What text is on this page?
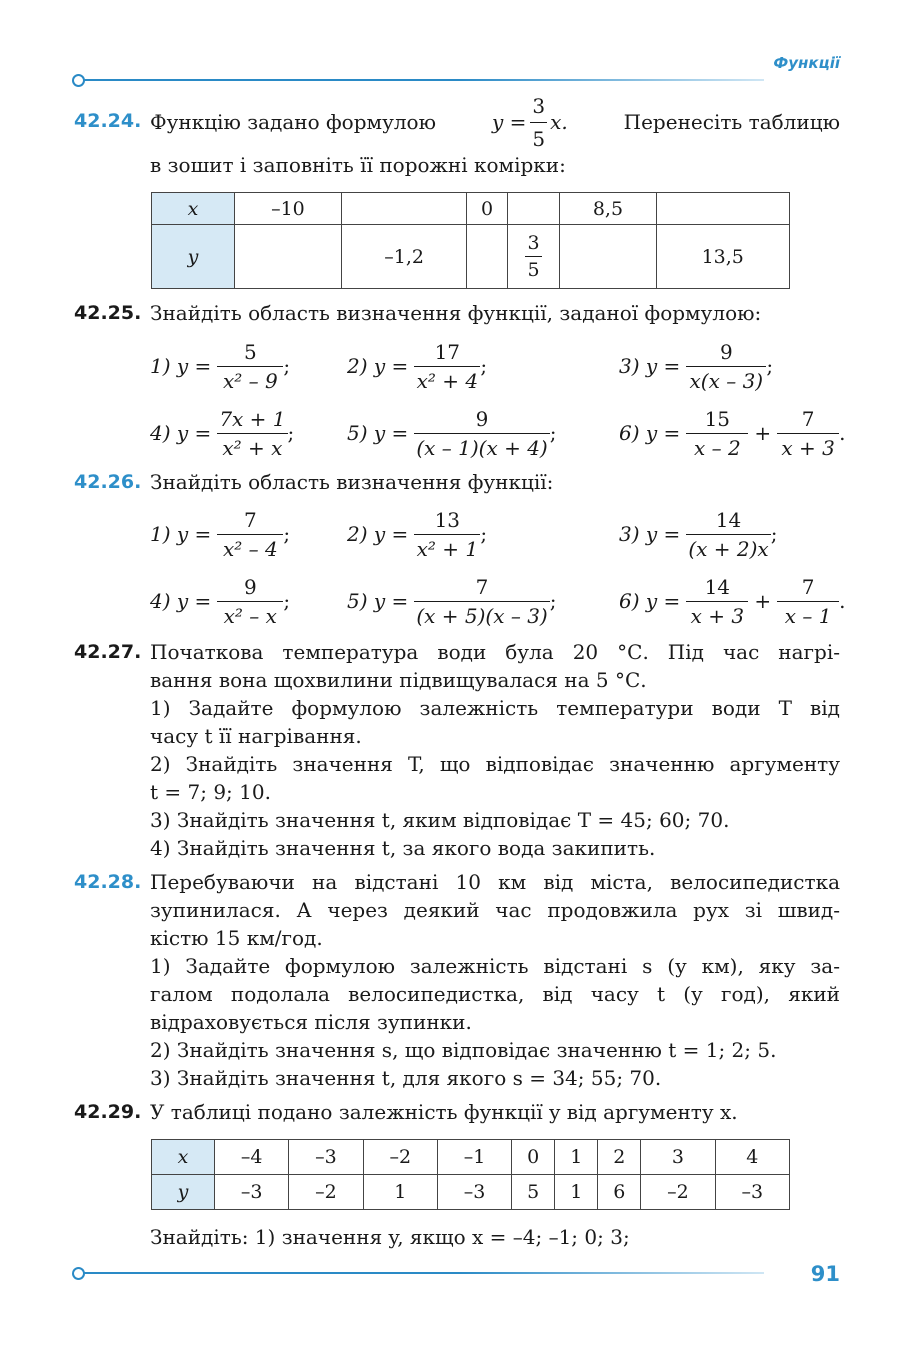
Функції
42.24. Функцію задано формулою	$y = \frac{3}{5} x$.	Перенесіть таблицю
в зошит і заповніть її порожні комірки:
x	–10		0		8,5	
y		–1,2		$\frac{3}{5}$		13,5
42.25. Знайдіть область визначення функції, заданої формулою:
1) $y = \frac{5}{\text{x² – 9}}$ ;	2) $y = \frac{17}{\text{x² + 4}}$ ;	3) $y = \frac{9}{x(x - 3)}$ ;
4) $y = \frac{7x + 1}{\text{x² + x}}$ ;	5) $y = \frac{9}{(x - 1)(x + 4)}$ ;	6) $y = \frac{15}{x - 2} + \frac{7}{x + 3}$ .
42.26. Знайдіть область визначення функції:
1) $y = \frac{7}{\text{x² – 4}}$ ;	2) $y = \frac{13}{\text{x² + 1}}$ ;	3) $y = \frac{14}{(x + 2)x}$ ;
4) $y = \frac{9}{\text{x² – x}}$ ;	5) $y = \frac{7}{(x + 5)(x - 3)}$ ;	6) $y = \frac{14}{x + 3} + \frac{7}{x - 1}$ .
42.27. Початкова температура води була 20 °С. Під час нагрі-
вання вона щохвилини підвищувалася на 5 °С.
1) Задайте формулою залежність температури води T від
часу t її нагрівання.
2) Знайдіть значення T, що відповідає значенню аргументу
t = 7; 9; 10.
3) Знайдіть значення t, яким відповідає T = 45; 60; 70.
4) Знайдіть значення t, за якого вода закипить.
42.28. Перебуваючи на відстані 10 км від міста, велосипедистка
зупинилася. А через деякий час продовжила рух зі швид-
кістю 15 км/год.
1) Задайте формулою залежність відстані s (у км), яку за-
галом подолала велосипедистка, від часу t (у год), який
відраховується після зупинки.
2) Знайдіть значення s, що відповідає значенню t = 1; 2; 5.
3) Знайдіть значення t, для якого s = 34; 55; 70.
42.29. У таблиці подано залежність функції y від аргументу x.
x	–4	–3	–2	–1	0	1	2	3	4
y	–3	–2	1	–3	5	1	6	–2	–3
Знайдіть: 1) значення y, якщо x = –4; –1; 0; 3;
91
